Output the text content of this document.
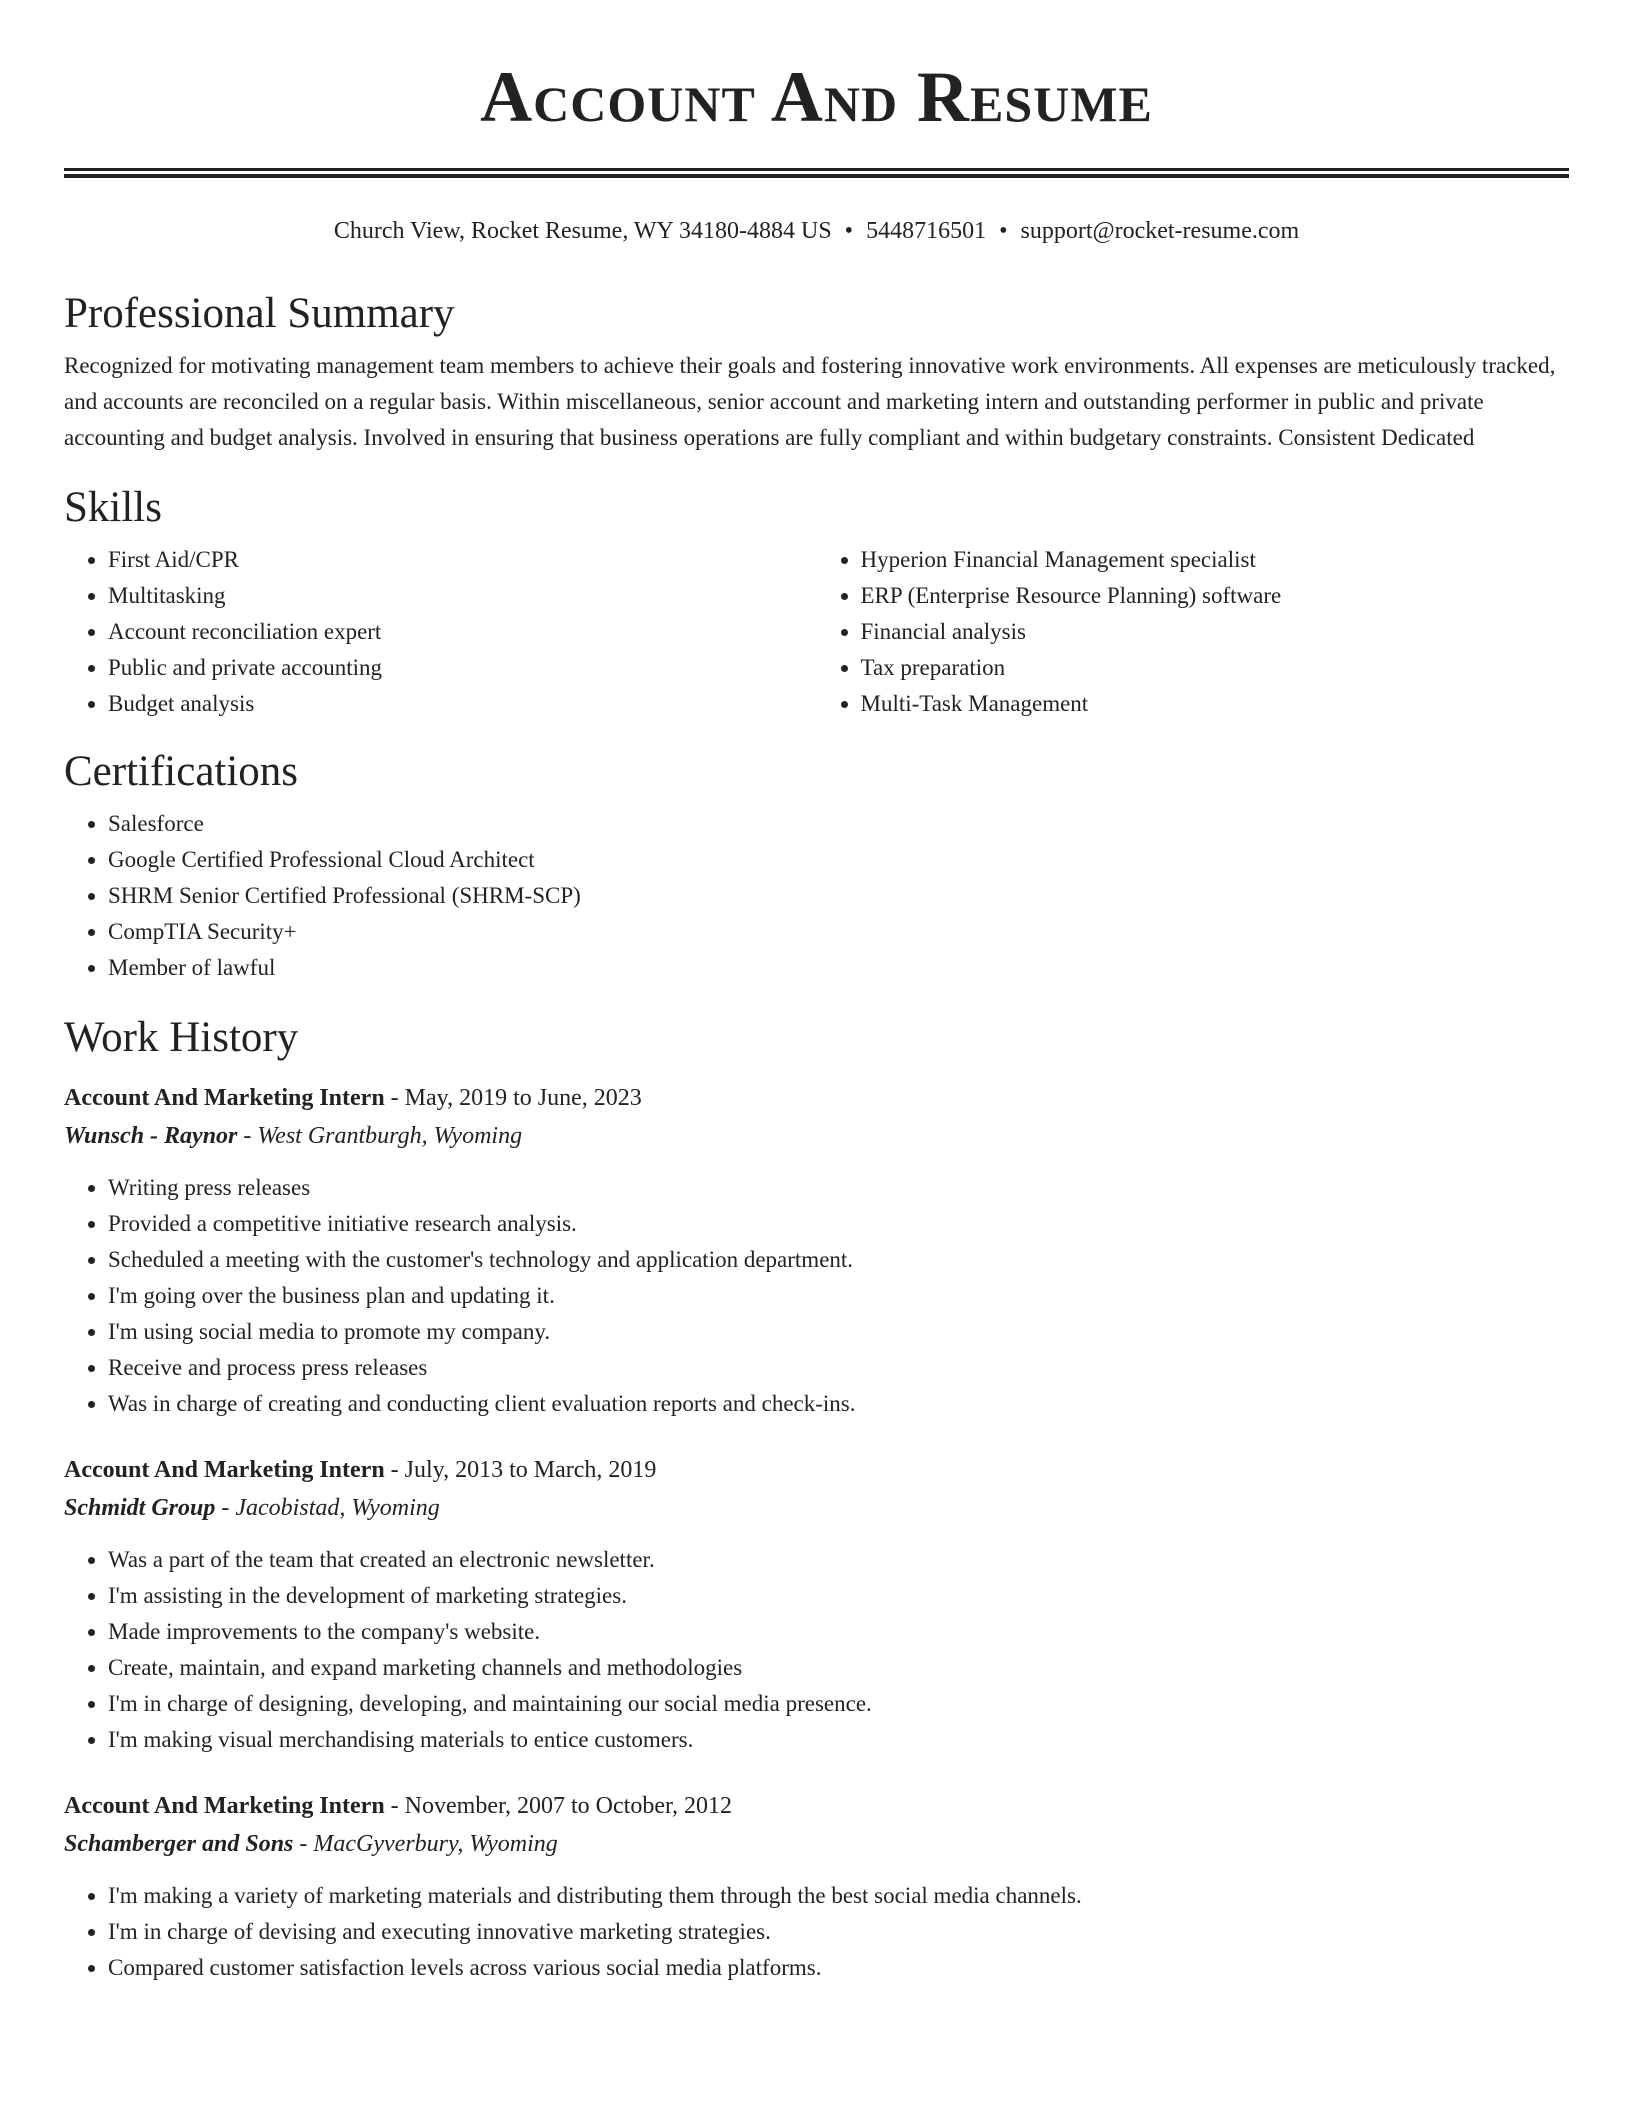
Account And Resume
Church View, Rocket Resume, WY 34180-4884 US • 5448716501 • support@rocket-resume.com
Professional Summary

Recognized for motivating management team members to achieve their goals and fostering innovative work environments. All expenses are meticulously tracked, and accounts are reconciled on a regular basis. Within miscellaneous, senior account and marketing intern and outstanding performer in public and private accounting and budget analysis. Involved in ensuring that business operations are fully compliant and within budgetary constraints. Consistent Dedicated

Skills
• First Aid/CPR
• Multitasking
• Account reconciliation expert
• Public and private accounting
• Budget analysis
• Hyperion Financial Management specialist
• ERP (Enterprise Resource Planning) software
• Financial analysis
• Tax preparation
• Multi-Task Management
Certifications
• Salesforce
• Google Certified Professional Cloud Architect
• SHRM Senior Certified Professional (SHRM-SCP)
• CompTIA Security+
• Member of lawful
Work History
Account And Marketing Intern - May, 2019 to June, 2023
Wunsch - Raynor - West Grantburgh, Wyoming
• Writing press releases
• Provided a competitive initiative research analysis.
• Scheduled a meeting with the customer's technology and application department.
• I'm going over the business plan and updating it.
• I'm using social media to promote my company.
• Receive and process press releases
• Was in charge of creating and conducting client evaluation reports and check-ins.
Account And Marketing Intern - July, 2013 to March, 2019
Schmidt Group - Jacobistad, Wyoming
• Was a part of the team that created an electronic newsletter.
• I'm assisting in the development of marketing strategies.
• Made improvements to the company's website.
• Create, maintain, and expand marketing channels and methodologies
• I'm in charge of designing, developing, and maintaining our social media presence.
• I'm making visual merchandising materials to entice customers.
Account And Marketing Intern - November, 2007 to October, 2012
Schamberger and Sons - MacGyverbury, Wyoming
• I'm making a variety of marketing materials and distributing them through the best social media channels.
• I'm in charge of devising and executing innovative marketing strategies.
• Compared customer satisfaction levels across various social media platforms.
